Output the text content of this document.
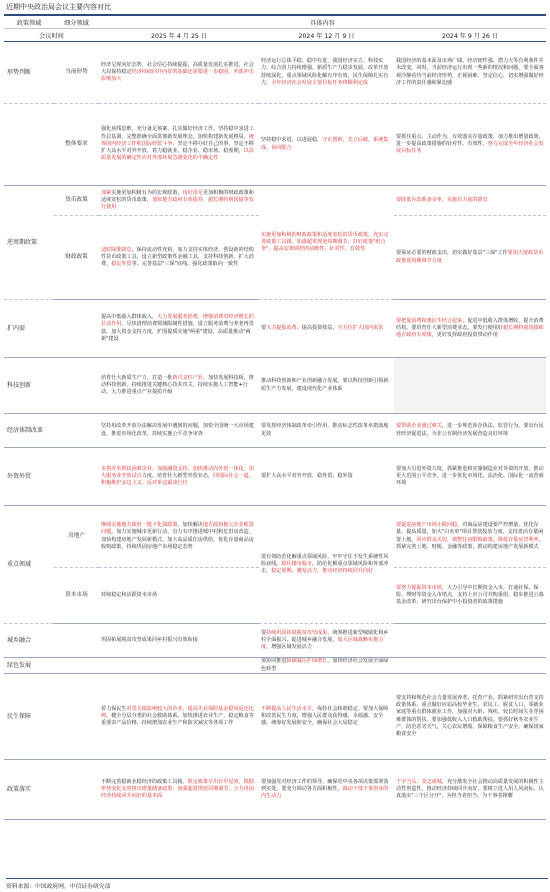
近期中央政治局会议主要内容对比
政策领域	细分领域	具体内容		
会议时间		2025 年 4 月 25 日	2024 年 12 月 9 日	2024 年 9 月 26 日
形势判断	当前形势	经济呈现向好态势，社会信心持续提振，高质量发展扎实推进，社会大局保持稳定经济持续回升向好的基础还需要进一步稳固，外部冲击影响加大	经济运行总体平稳、稳中有进，我国经济实力、科技实力、综合国力持续增强。新质生产力稳步发展，改革开放持续深化，重点领域风险化解有序有效，民生保障扎实有力，全年经济社会发展主要目标任务将顺利完成	我国经济的基本面及市场广阔、经济韧性强、潜力大等有利条件并未改变。同时，当前经济运行出现一些新的情况和问题，要全面客观冷静看待当前经济形势，正视困难、坚定信心，切实增强做好经济工作的责任感和紧迫感
	整体要求	强化底线思维，充分备足预案，扎实做好经济工作。坚持稳中求进工作总基调，完整准确全面贯彻新发展理念，加快构建新发展格局，统筹国内经济工作和国际经贸斗争，坚定不移办好自己的事，坚定不移扩大高水平对外开放，着力稳就业、稳企业、稳市场、稳预期，以高质量发展的确定性应对外部环境急剧变化的不确定性	坚持稳中求进、以进促稳，守正创新、先立后破，系统集成、协同配合	要抓住重点、主动作为，有效落实存量政策，加力推出增量政策，进一步提高政策措施的针对性、有效性，努力完成全年经济社会发展目标任务
逆周期政策	货币政策	加紧实施更加积极有为的宏观政策，用好用足更加积极的财政政策和适度宽松的货币政策，加快地方政府专项债券、超长期特别国债等发行使用	实施更加积极的财政政策和适度宽松的货币政策，充实完善政策工具箱，加强超常规逆周期调节，打好政策"组合拳"，提高宏观调控的前瞻性、针对性、有效性	要降低存款准备金率，实施有力度的降息
	财政政策	适时降准降息，保持流动性充裕，加力支持实体经济。创设新的结构性货币政策工具，设立新型政策性金融工具，支持科技创新、扩大消费、稳定外贸等。完善基层"三保"底线。强化政策取向一致性		要保证必要的财政支出，切实做好基层"三保"工作要加大财政货币政策逆周期调节力度
扩内需		提高中低收入群体收入，大力发展服务消费，增强消费对经济增长的拉动作用。尽快清理消费领域限制性措施，设立服务消费与养老再贷款。加大资金支持力度，扩围提质实施"两重"建设，高质量推动"两新"建设	要大力提振消费、提高投资效益，全方位扩大国内需求	要把促消费和惠民生结合起来，促进中低收入群体增收，提升消费结构。要培育壮大新型消费业态。要发行使用好超长期特别国债和地方政府专项债，更好发挥政府投资带动作用
科技创新		培育壮大新质生产力，打造一批新兴支柱产业。加快发展科技板，推动科技创新。持续推进关键核心技术攻关。持续实施人工智能+行动。大力推进重点产业提质升级	推动科技创新和产业创新融合发展。要以科技创新引领新质生产力发展，建设现代化产业体系	
经济体制改革		坚持用改革开放办法解决发展中遇到的问题，加快全国统一大市场建设，推进市场化改革，持续实施公平竞争审查	要发挥经济体制改革牵引作用，推动标志性改革举措落地见效	要帮助企业渡过难关，进一步规范涉企执法、监管行为。要出台民营经济促进法，为非公有制经济发展营造良好环境
外资外贸		多措并举帮扶困难企业。加强融资支持。加快推动内外贸一体化。加大服务业开放试点力度，培育壮大新型外贸业态，同国际社会一道，积极维护多边主义，反对单边霸凌行径	要扩大高水平对外开放，稳外贸、稳外资	要加大引进外资力度，抓紧推进和实施制造业对外资的开放，推动更大范围公平竞争。进一步优化市场化、法治化、国际化一流营商环境
重点领域	房地产	继续实施地方政府一揽子化债政策，加快解决地方政府拖欠企业账款问题。加力实施城市更新行动，有力有序推进城中村和危旧房改造。加快构建房地产发展新模式，加大高品质住房供给，优化存量商品房收购政策，持续巩固房地产市场稳定态势	要有效防范化解重点领域风险，牢牢守住不发生系统性风险底线。稳住楼市股市，防范化解重点领域风险和外部冲击，稳定预期、激发活力，推动经济持续回升向好	要促进房地产市场止跌回稳，对商品房建设要严控增量、优化存量、提高质量，加大"白名单"项目贷款投放力度，支持盘活存量闲置土地。回应群众关切，调整住房限购政策，降低存量房贷利率，抓紧完善土地、财税、金融等政策，推动构建房地产发展新模式
	资本市场	持续稳定和活跃资本市场		要努力提振资本市场，大力引导中长期资金入市，打通社保、保险、理财等资金入市堵点，支持上市公司并购重组，稳步推进公募基金改革，研究出台保护中小投资者的政策措施
城乡融合		巩固拓展脱贫攻坚成果同乡村振兴有效衔接	要持续巩固拓展脱贫攻坚成果，统筹推进新型城镇化和乡村全面振兴，促进城乡融合发展。加大区域战略实施力度，增强区域发展活力	
绿色发展			要协同推进降碳减污扩绿增长，加快经济社会发展全面绿色转型	
民生保障		着力保民生对受关税影响较大的企业，提高失业保险基金稳岗返还比例。健全分层分类的社会救助体系。加快推进农业生产，稳定粮食等重要农产品价格，持续增加农业生产和防灾减灾等各项工作	不断提高人民生活水平，保持社会和谐稳定。要加大保障和改善民生力度，增强人民群众获得感、幸福感、安全感。统筹好发展和安全，确保社会大局稳定	要支持和规范社会力量发展养老、托育产业，抓紧研究出台育支持政策体系。重点做好应届高校毕业生、农民工、脱贫人口、零就业家庭等重点群体就业工作，加强对大龄、残疾、较长时间失业等困难群体的帮扶。要加强低收入人口救助帮扶。要抓好秋冬农业生产，防范恶劣天气，关心农民增收、保障粮食生产安全，确保国家粮食安全
政策落实		不断完善稳就业稳经济的政策工具箱，既定政策早出台早见效，根据形势变化及时推出增量储备政策，加强超常规逆周期调节，全力巩固经济持续回升向好的基本面	要加强党对经济工作的领导，确保党中央各项决策部署落到实处。要充分调动各方面积极性，调动干部干事创业的内生动力	干字当头、众志成城，充分激发全社会推动高质量发展的积极性主动性创造性，推动经济持续回升向好。要树立选人用人风向标，认真落实"三个区分开"，为担当者担当、为干事者撑腰
资料来源：中国政府网，中信证券研究部
